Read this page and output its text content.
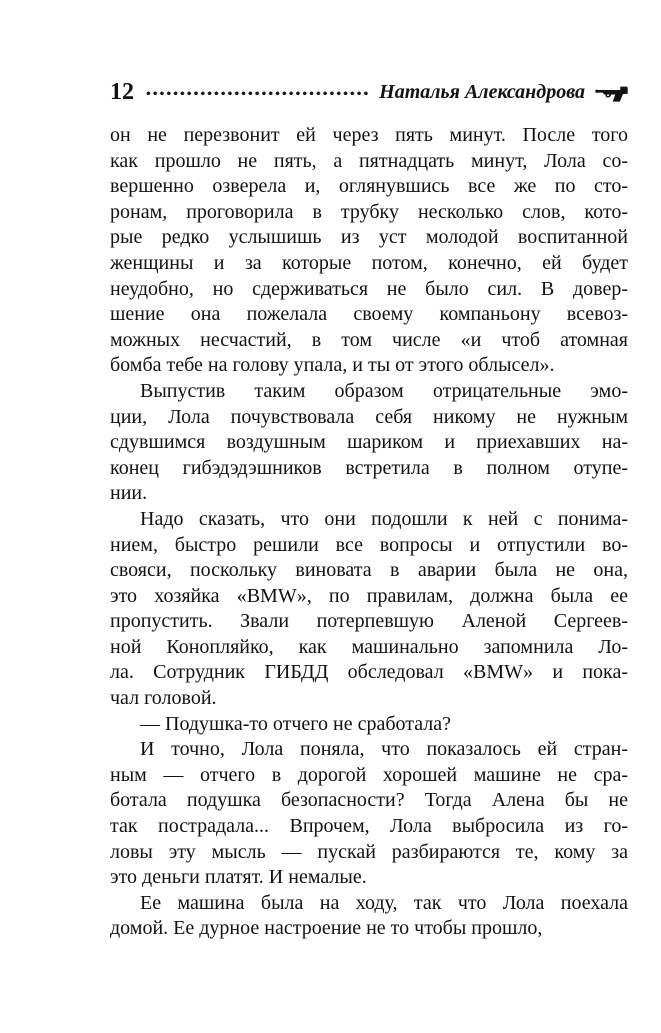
12	Наталья Александрова

он не перезвонит ей через пять минут. После того
как прошло не пять, а пятнадцать минут, Лола со-
вершенно озверела и, оглянувшись все же по сто-
ронам, проговорила в трубку несколько слов, кото-
рые редко услышишь из уст молодой воспитанной
женщины и за которые потом, конечно, ей будет
неудобно, но сдерживаться не было сил. В довер-
шение она пожелала своему компаньону всевоз-
можных несчастий, в том числе «и чтоб атомная
бомба тебе на голову упала, и ты от этого облысел».

Выпустив таким образом отрицательные эмо-
ции, Лола почувствовала себя никому не нужным
сдувшимся воздушным шариком и приехавших на-
конец гибэдэдэшников встретила в полном отупе-
нии.

Надо сказать, что они подошли к ней с понима-
нием, быстро решили все вопросы и отпустили во-
свояси, поскольку виновата в аварии была не она,
это хозяйка «BMW», по правилам, должна была ее
пропустить. Звали потерпевшую Аленой Сергеев-
ной Конопляйко, как машинально запомнила Ло-
ла. Сотрудник ГИБДД обследовал «BMW» и пока-
чал головой.

— Подушка-то отчего не сработала?

И точно, Лола поняла, что показалось ей стран-
ным — отчего в дорогой хорошей машине не сра-
ботала подушка безопасности? Тогда Алена бы не
так пострадала... Впрочем, Лола выбросила из го-
ловы эту мысль — пускай разбираются те, кому за
это деньги платят. И немалые.

Ее машина была на ходу, так что Лола поехала
домой. Ее дурное настроение не то чтобы прошло,
